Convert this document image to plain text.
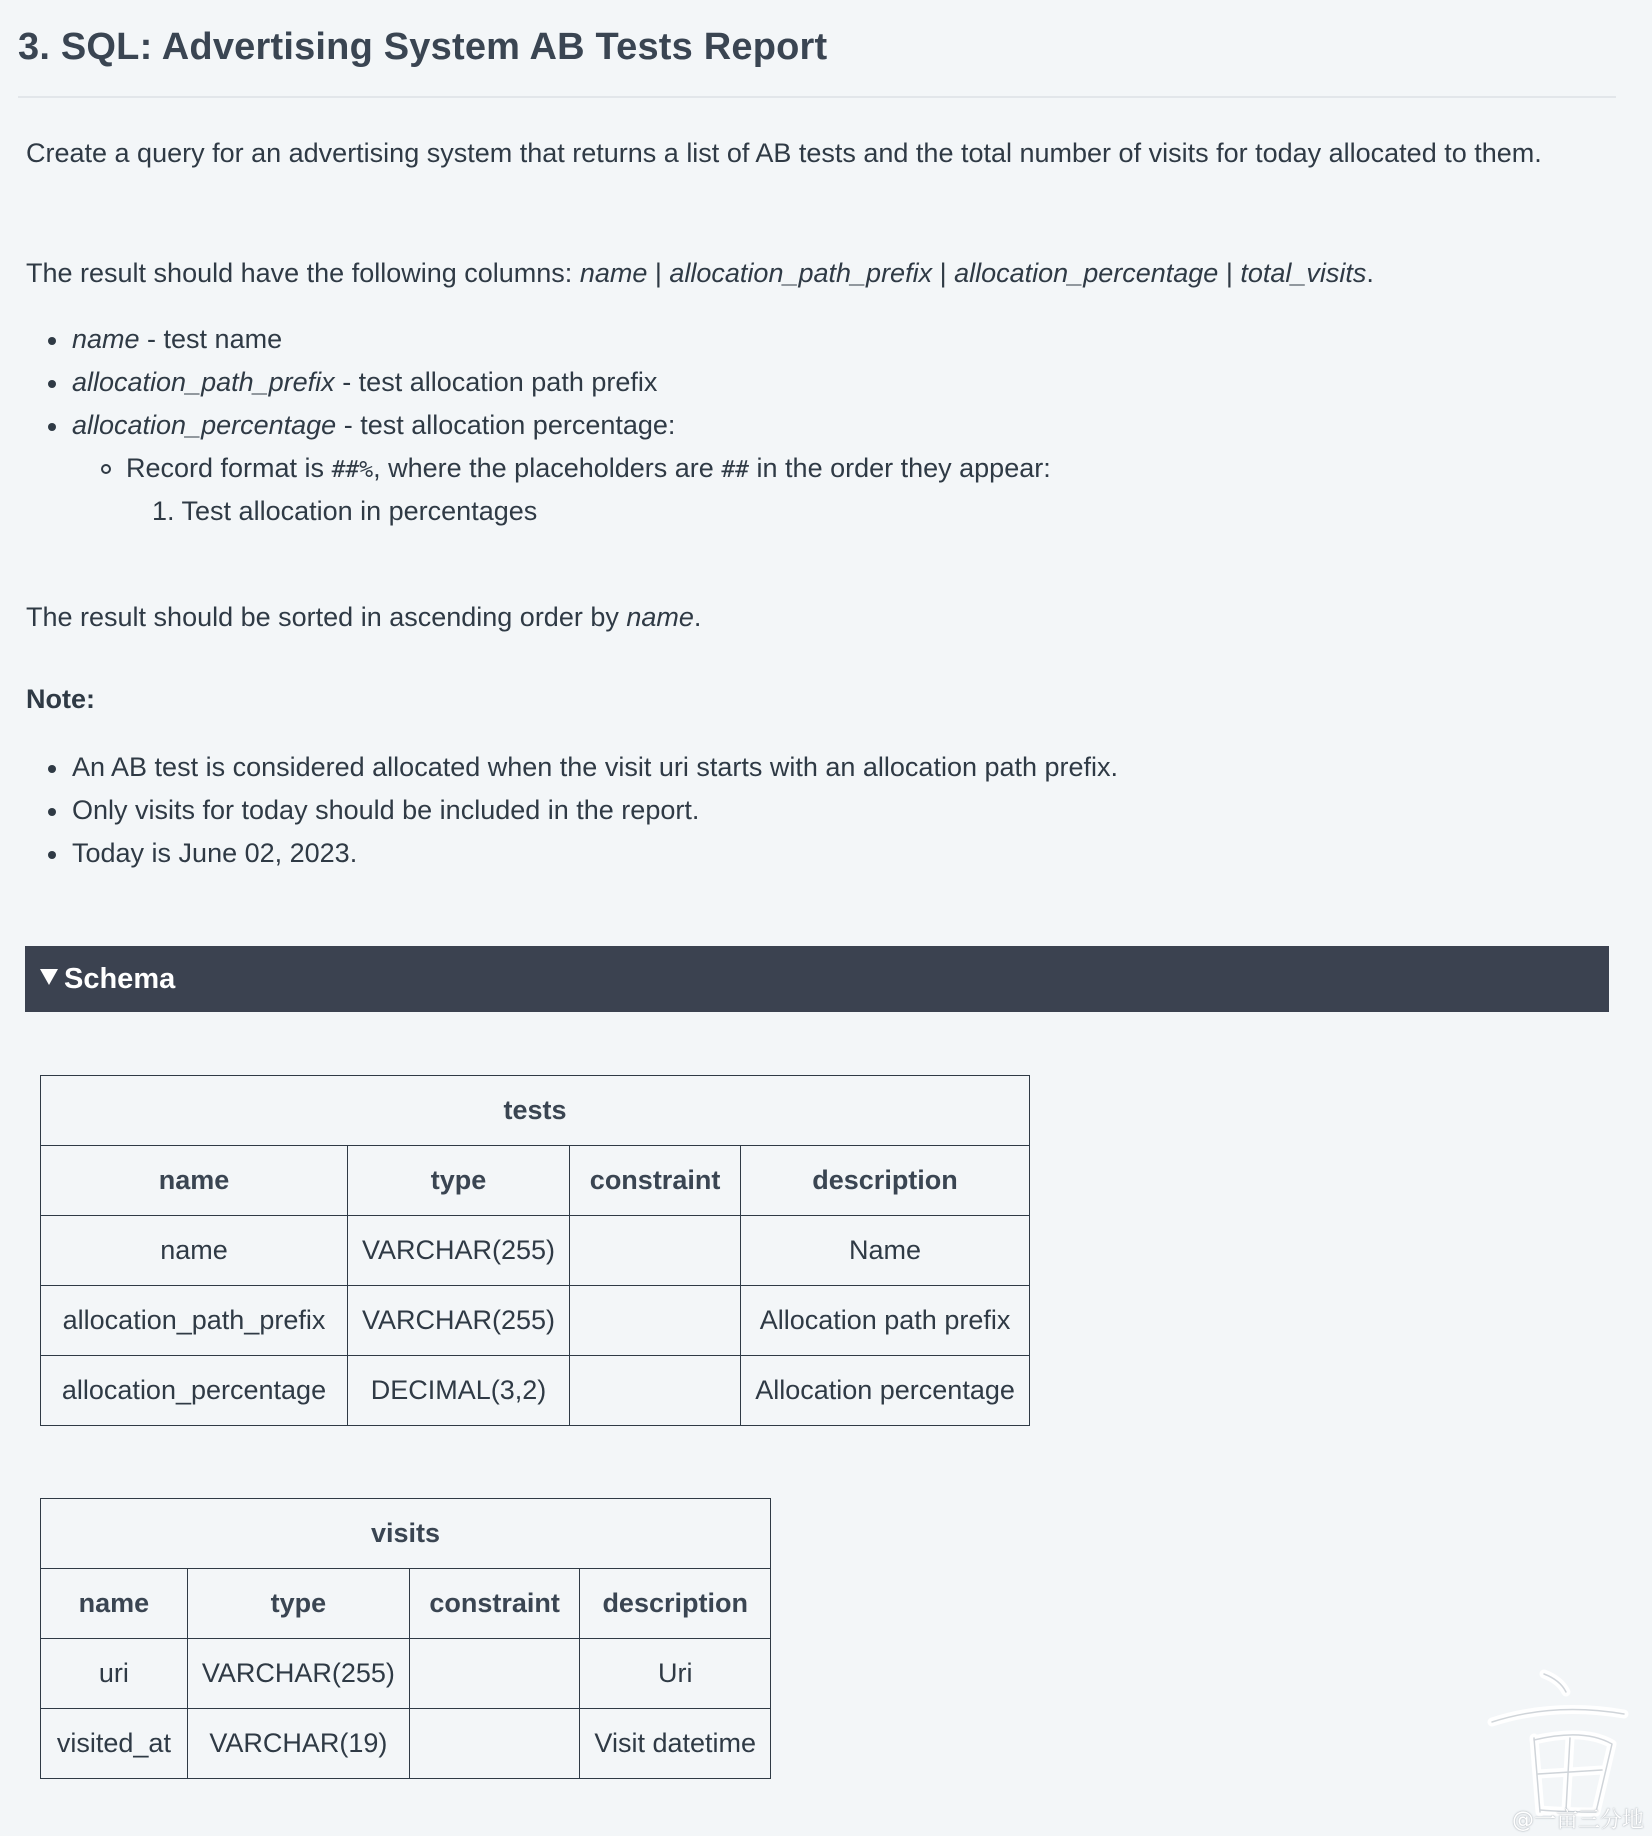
3. SQL: Advertising System AB Tests Report

Create a query for an advertising system that returns a list of AB tests and the total number of visits for today allocated to them.

The result should have the following columns: name | allocation_path_prefix | allocation_percentage | total_visits.

name - test name
allocation_path_prefix - test allocation path prefix
allocation_percentage - test allocation percentage:
Record format is ##%, where the placeholders are ## in the order they appear:
1. Test allocation in percentages

The result should be sorted in ascending order by name.

Note:

An AB test is considered allocated when the visit uri starts with an allocation path prefix.
Only visits for today should be included in the report.
Today is June 02, 2023.
Schema
tests			
name	type	constraint	description
name	VARCHAR(255)		Name
allocation_path_prefix	VARCHAR(255)		Allocation path prefix
allocation_percentage	DECIMAL(3,2)		Allocation percentage
visits			
name	type	constraint	description
uri	VARCHAR(255)		Uri
visited_at	VARCHAR(19)		Visit datetime
@一亩三分地
